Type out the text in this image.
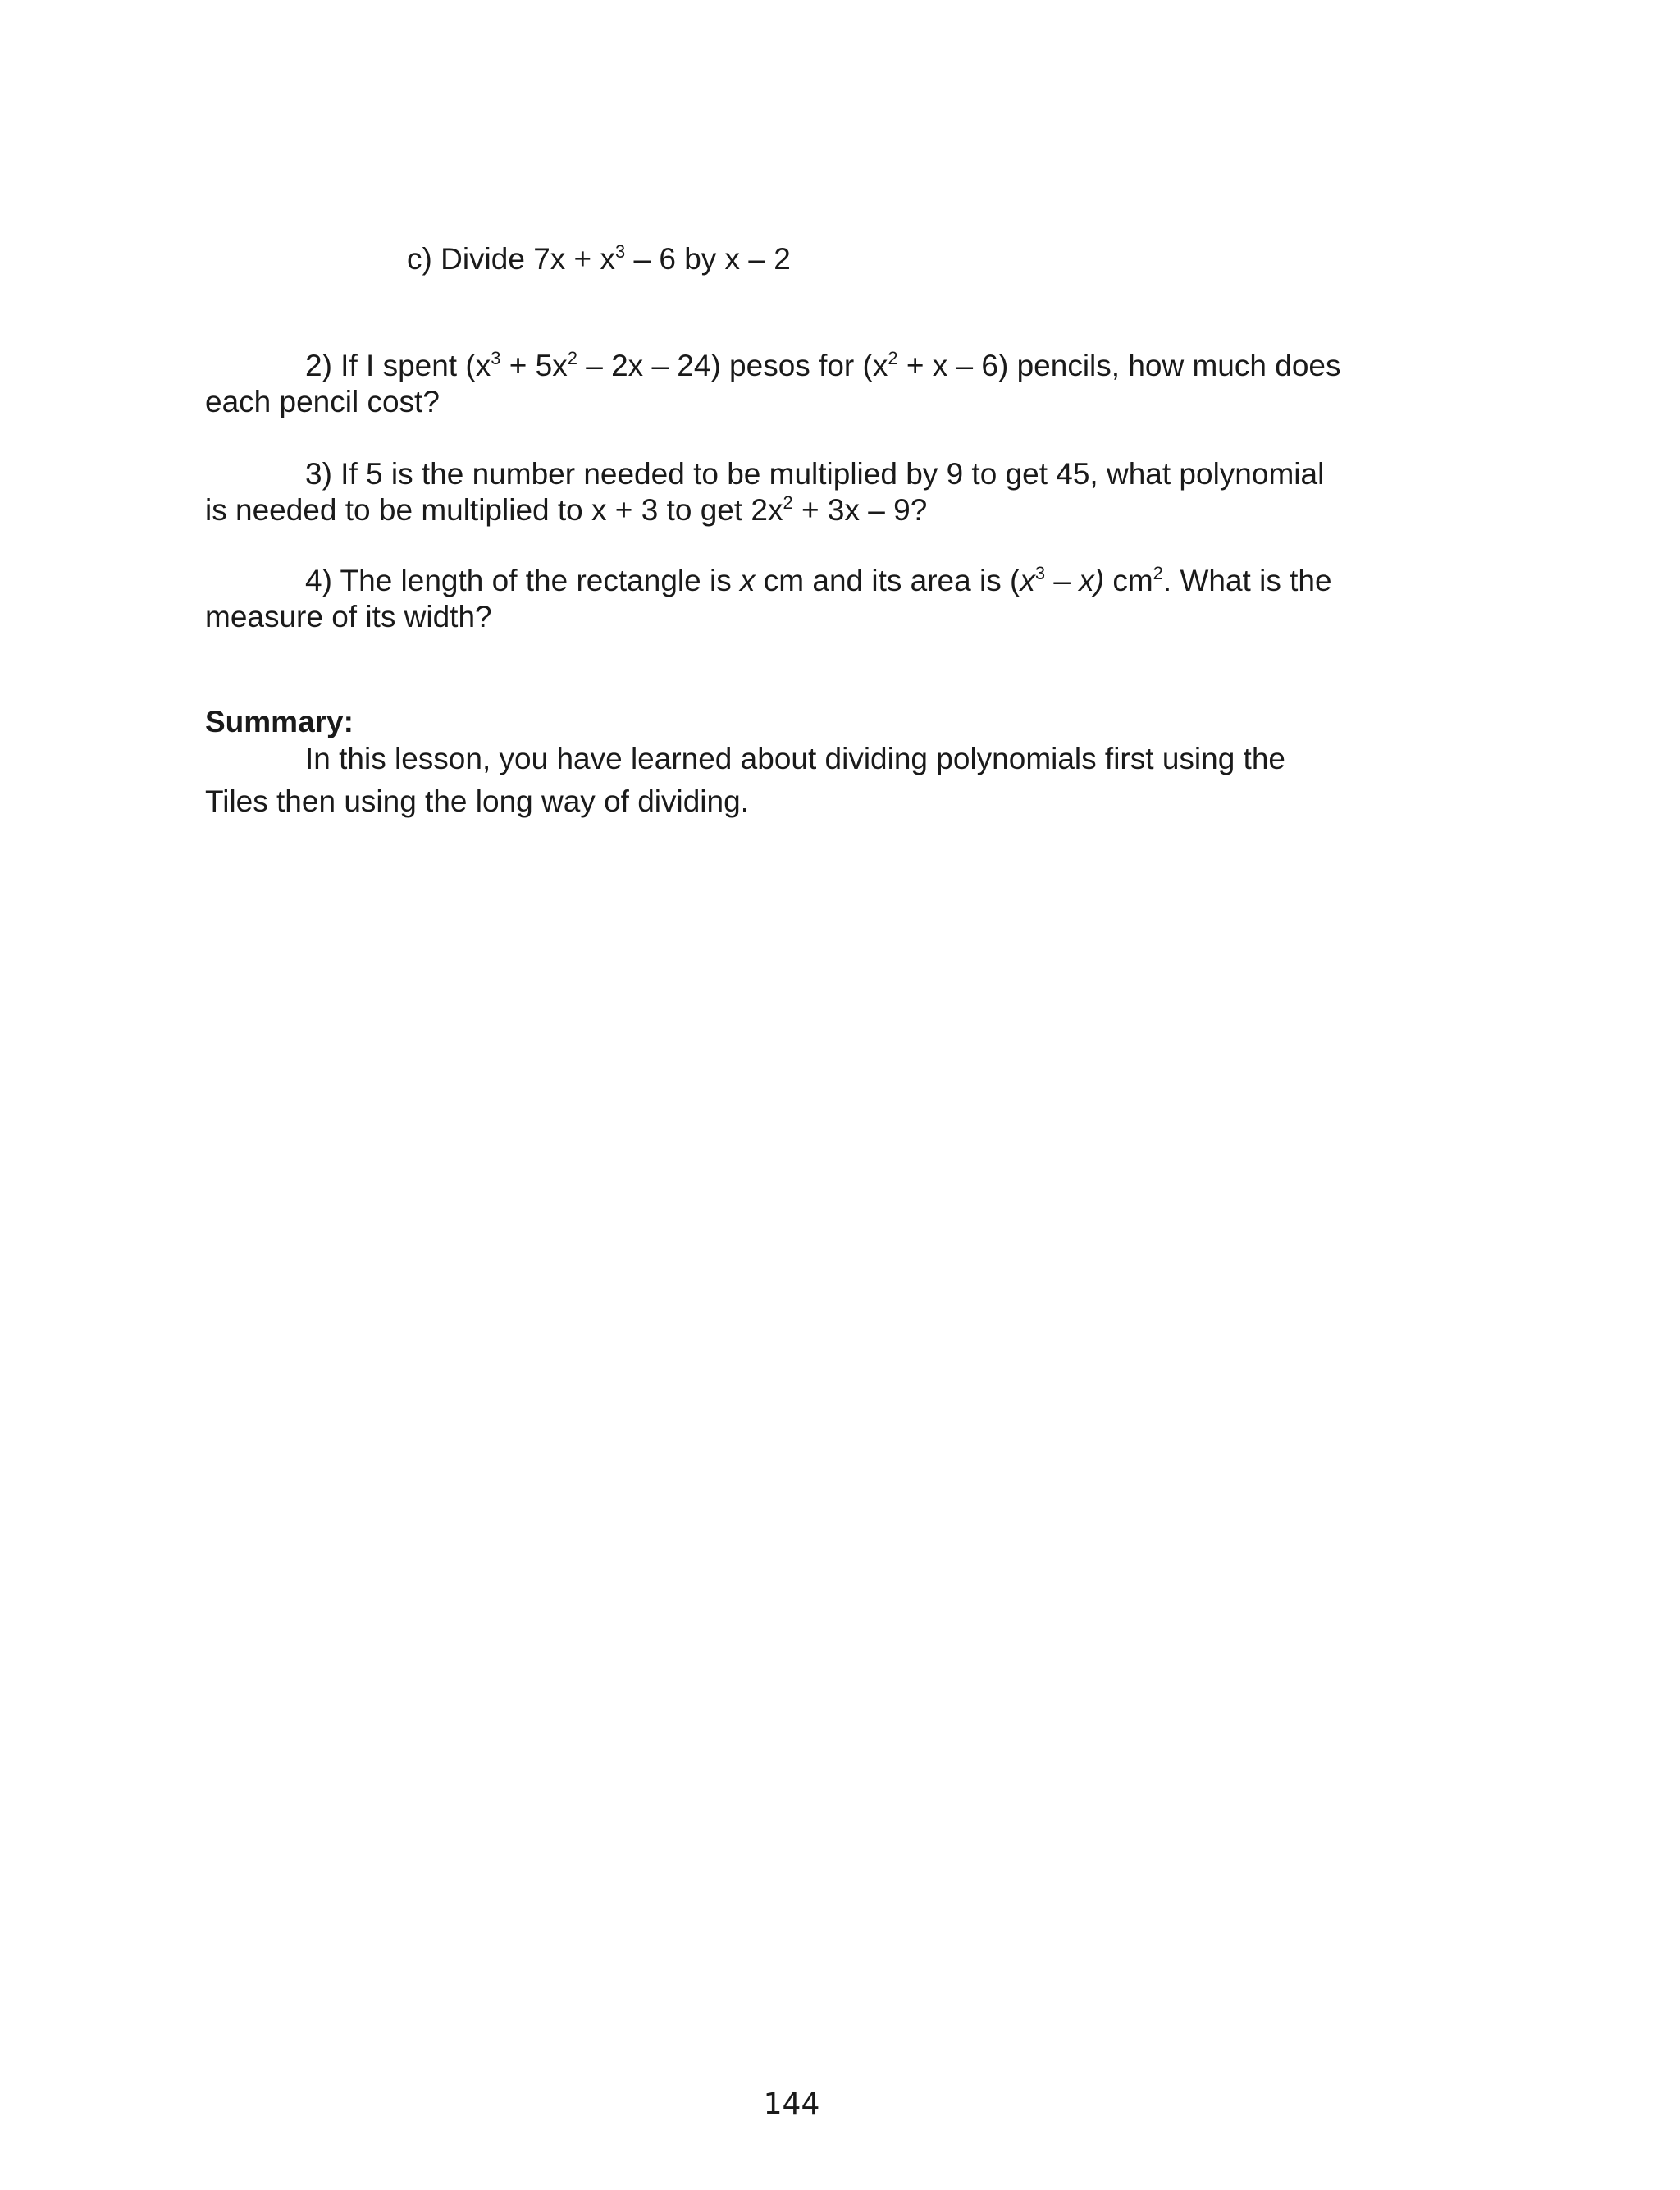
c) Divide $7x + x^3 - 6$ by x – 2
2) If I spent $(x^3 + 5x^2 - 2x - 24)$ pesos for $(x^2 + x - 6)$ pencils, how much does
each pencil cost?
3) If 5 is the number needed to be multiplied by 9 to get 45, what polynomial
is needed to be multiplied to x + 3 to get $2x^2 + 3x - 9$?
4) The length of the rectangle is x cm and its area is $(x^3 - x)$ $cm^2$. What is the
measure of its width?
Summary:
In this lesson, you have learned about dividing polynomials first using the
Tiles then using the long way of dividing.
144
